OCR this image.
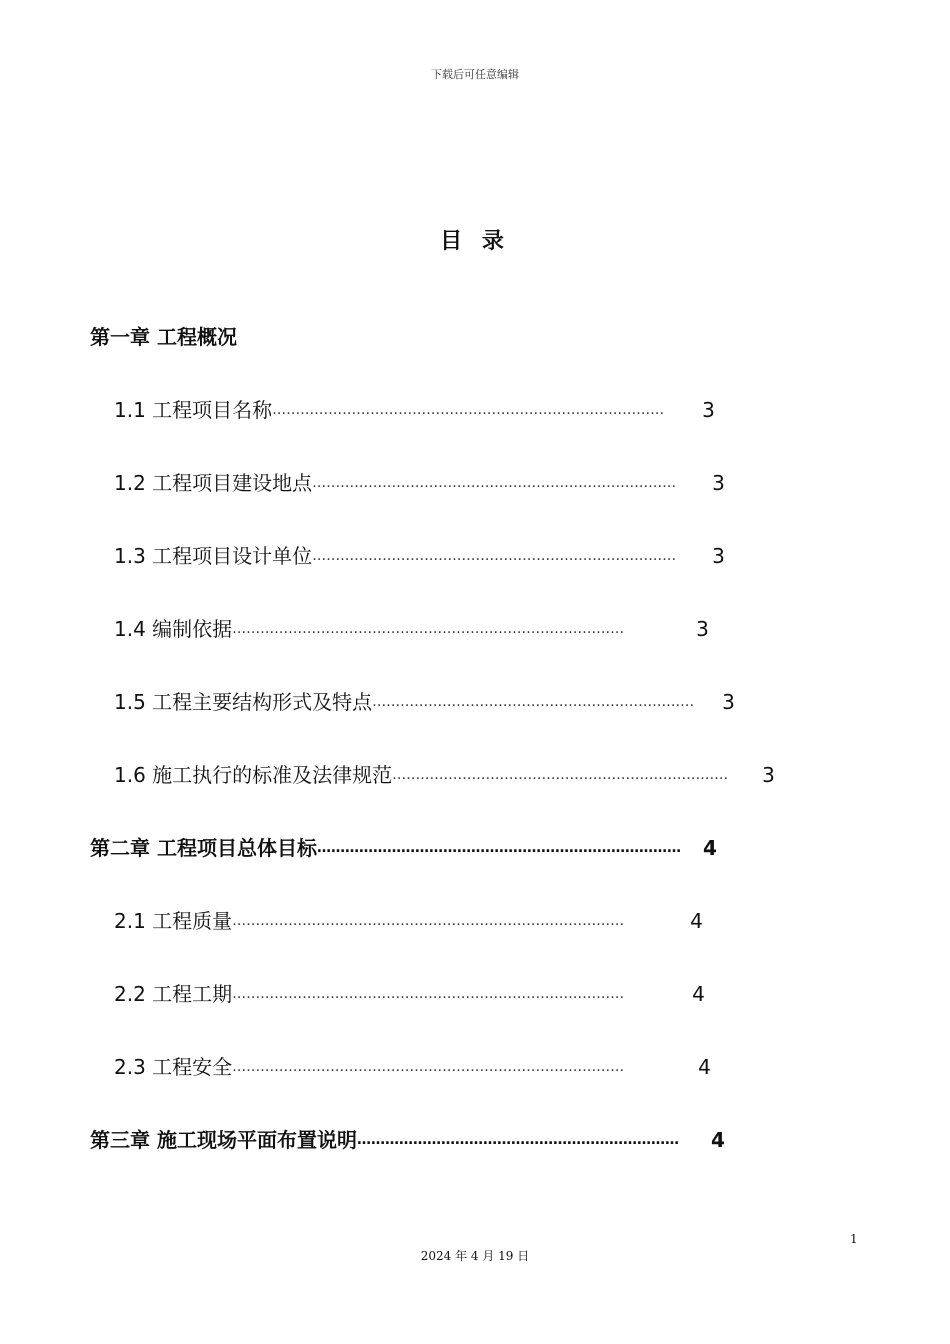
下载后可任意编辑
目 录
第一章 工程概况
1.1 工程项目名称………………………………………………………………………… 3
1.2 工程项目建设地点…………………………………………………………………… 3
1.3 工程项目设计单位…………………………………………………………………… 3
1.4 编制依据…………………………………………………………………………	3
1.5 工程主要结构形式及特点…………………………………………………………… 3
1.6 施工执行的标准及法律规范……………………………………………………………… 3
第二章 工程项目总体目标…………………………………………………………………… 4
2.1 工程质量…………………………………………………………………………	4
2.2 工程工期…………………………………………………………………………	4
2.3 工程安全…………………………………………………………………………	4
第三章 施工现场平面布置说明…………………………………………………………… 4
1
2024 年 4 月 19 日
